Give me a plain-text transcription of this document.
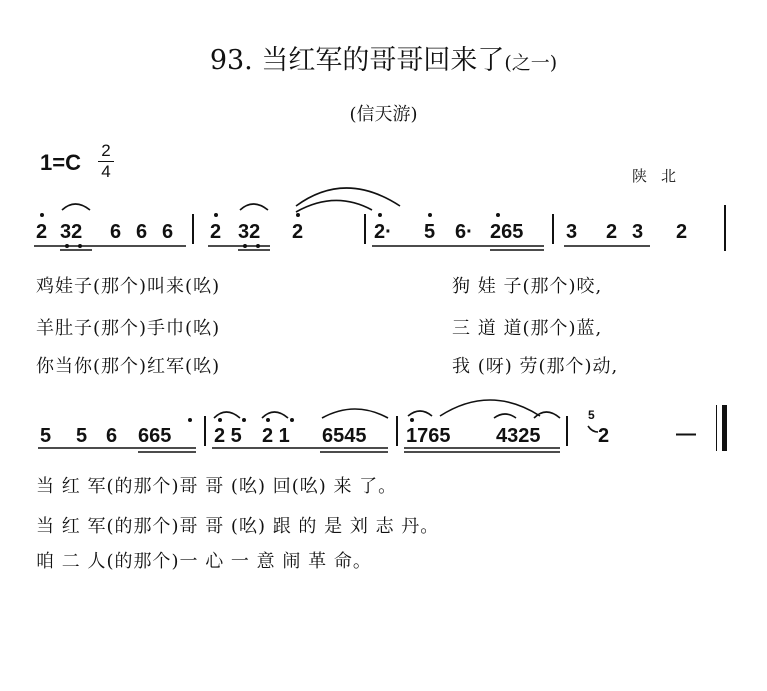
93. 当红军的哥哥回来了(之一)
(信天游)
1=C 2
4	陕北
2 32 6 6 6 2 32 2	2· 5 6· 265 3 2 3 2
鸡娃子(那个)叫来(吆)	狗 娃 子(那个)咬,
羊肚子(那个)手巾(吆)	三 道 道(那个)蓝,
你当你(那个)红军(吆)	我 (呀) 劳(那个)动,
5 5 6 665 2 5 2 1 6545 1765 4325
5
2	—
当 红 军(的那个)哥 哥 (吆) 回(吆) 来 了。
当 红 军(的那个)哥 哥 (吆) 跟 的 是 刘 志 丹。
咱 二 人(的那个)一 心 一 意 闹 革 命。
